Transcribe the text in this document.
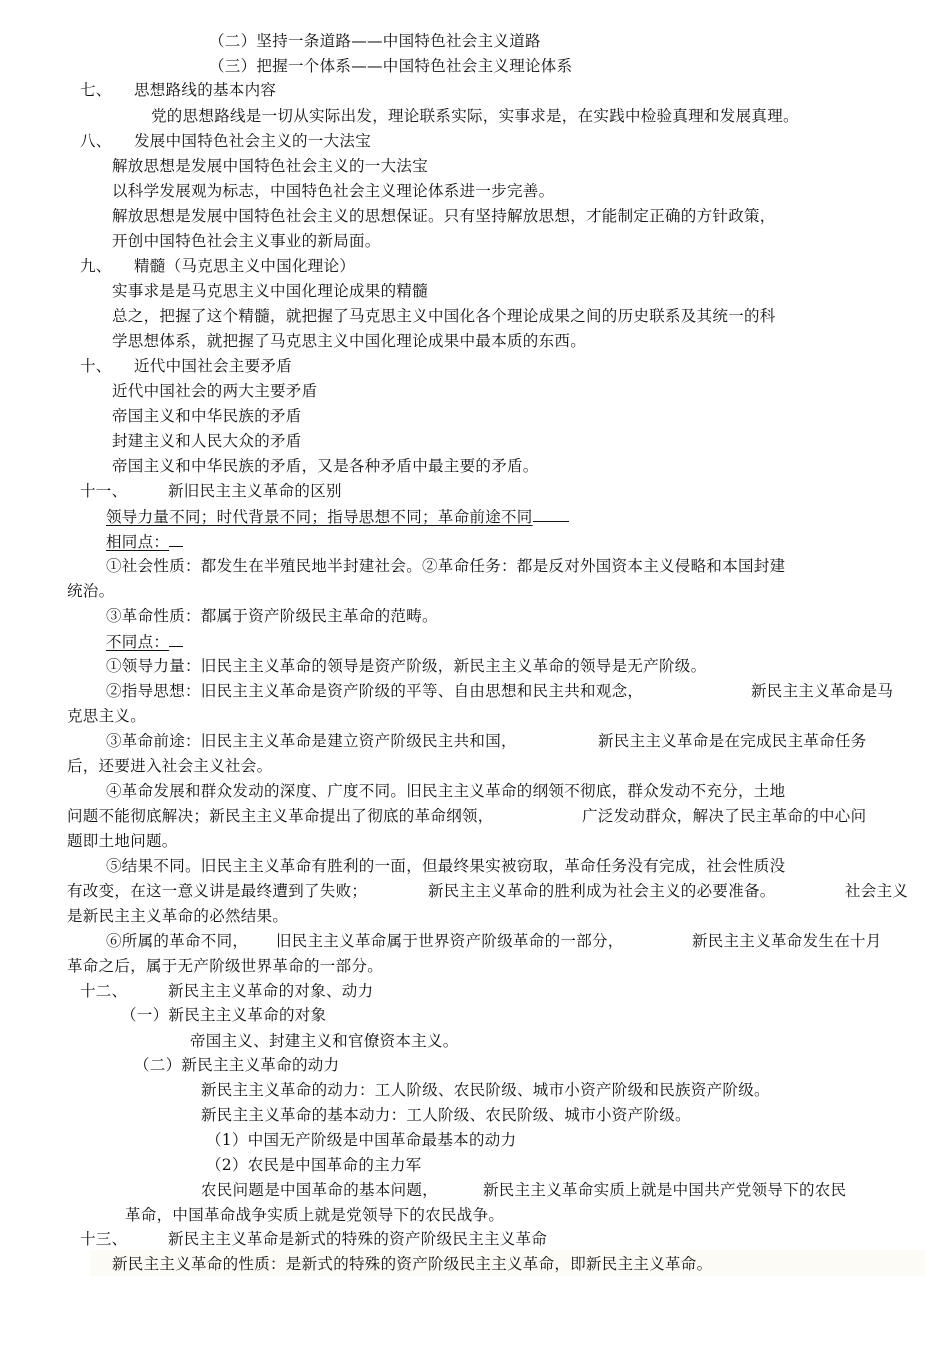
（二）坚持一条道路——中国特色社会主义道路
（三）把握一个体系——中国特色社会主义理论体系
七、 思想路线的基本内容
党的思想路线是一切从实际出发，理论联系实际，实事求是，在实践中检验真理和发展真理。
八、 发展中国特色社会主义的一大法宝
解放思想是发展中国特色社会主义的一大法宝
以科学发展观为标志，中国特色社会主义理论体系进一步完善。
解放思想是发展中国特色社会主义的思想保证。只有坚持解放思想，才能制定正确的方针政策，
开创中国特色社会主义事业的新局面。
九、 精髓（马克思主义中国化理论）
实事求是是马克思主义中国化理论成果的精髓
总之，把握了这个精髓，就把握了马克思主义中国化各个理论成果之间的历史联系及其统一的科
学思想体系，就把握了马克思主义中国化理论成果中最本质的东西。
十、 近代中国社会主要矛盾
近代中国社会的两大主要矛盾
帝国主义和中华民族的矛盾
封建主义和人民大众的矛盾
帝国主义和中华民族的矛盾，又是各种矛盾中最主要的矛盾。
十一、	新旧民主主义革命的区别
领导力量不同；时代背景不同；指导思想不同；革命前途不同
相同点：
①社会性质：都发生在半殖民地半封建社会。②革命任务：都是反对外国资本主义侵略和本国封建
统治。
③革命性质：都属于资产阶级民主革命的范畴。
不同点：
①领导力量：旧民主主义革命的领导是资产阶级，新民主主义革命的领导是无产阶级。
②指导思想：旧民主主义革命是资产阶级的平等、自由思想和民主共和观念，	新民主主义革命是马
克思主义。
③革命前途：旧民主主义革命是建立资产阶级民主共和国，	新民主主义革命是在完成民主革命任务
后，还要进入社会主义社会。
④革命发展和群众发动的深度、广度不同。旧民主主义革命的纲领不彻底，群众发动不充分，土地
问题不能彻底解决；新民主主义革命提出了彻底的革命纲领，	广泛发动群众，解决了民主革命的中心问
题即土地问题。
⑤结果不同。旧民主主义革命有胜利的一面，但最终果实被窃取，革命任务没有完成，社会性质没
有改变，在这一意义讲是最终遭到了失败；	新民主主义革命的胜利成为社会主义的必要准备。	社会主义
是新民主主义革命的必然结果。
⑥所属的革命不同， 旧民主主义革命属于世界资产阶级革命的一部分，	新民主主义革命发生在十月
革命之后，属于无产阶级世界革命的一部分。
十二、	新民主主义革命的对象、动力
（一）新民主主义革命的对象
帝国主义、封建主义和官僚资本主义。
（二）新民主主义革命的动力
新民主主义革命的动力：工人阶级、农民阶级、城市小资产阶级和民族资产阶级。
新民主主义革命的基本动力：工人阶级、农民阶级、城市小资产阶级。
（1）中国无产阶级是中国革命最基本的动力
（2）农民是中国革命的主力军
农民问题是中国革命的基本问题，	新民主主义革命实质上就是中国共产党领导下的农民
革命，中国革命战争实质上就是党领导下的农民战争。
十三、	新民主主义革命是新式的特殊的资产阶级民主主义革命
新民主主义革命的性质：是新式的特殊的资产阶级民主主义革命，即新民主主义革命。
